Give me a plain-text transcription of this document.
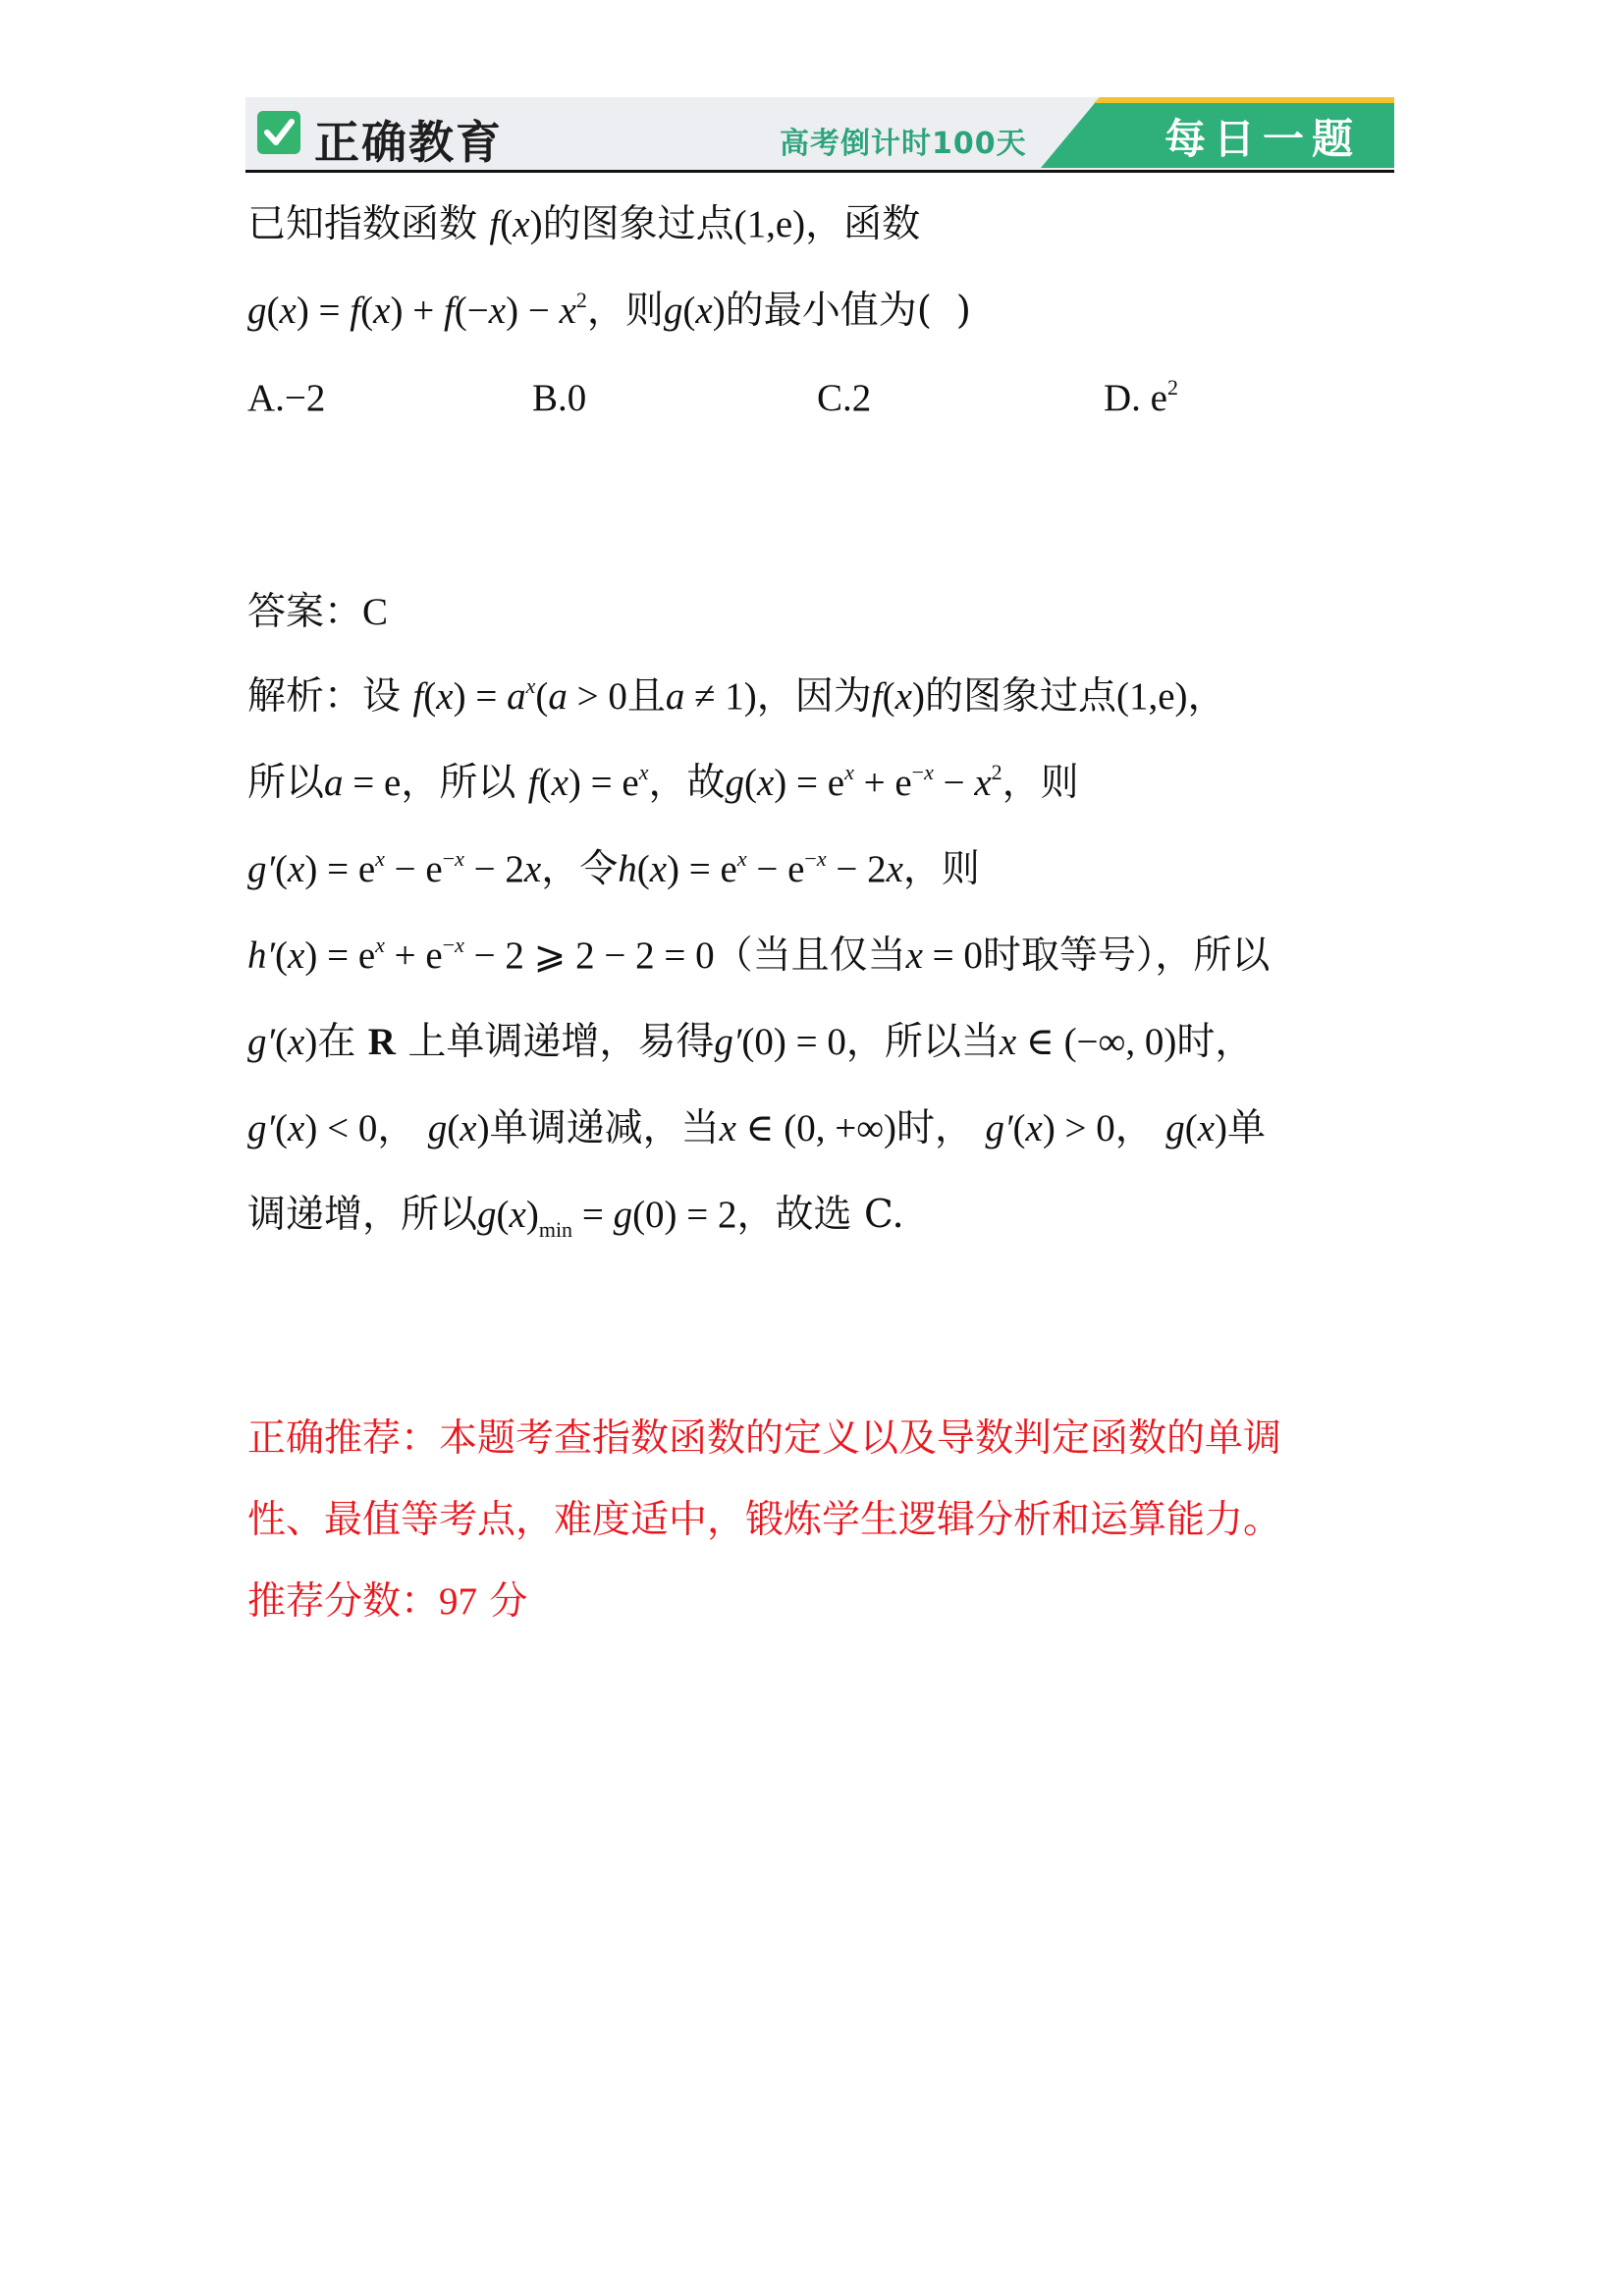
正确教育	高考倒计时100天	每日一题
已知指数函数 f(x)的图象过点(1,e)，函数
$g(x) = f(x) + f(-x) - x^2$，则g(x)的最小值为( )
A.−2	B.0	C.2	D. $e^2$
答案：C
解析：设 $f(x) = a^x(a > 0$且a ≠ 1)，因为f(x)的图象过点(1,e)，
所以a = e，所以 $f(x) = e^x$，故$g(x) = e^x + e^{-x} - x^2$，则
$g'(x) = e^x - e^{-x} - 2x$，令$h(x) = e^x - e^{-x} - 2x$，则
$h'(x) = e^x + e^{-x} - 2$ ⩾ 2 − 2 = 0（当且仅当x = 0时取等号），所以
g′(x)在 R 上单调递增，易得g′(0) = 0，所以当x ∈ (−∞, 0)时，
g′(x) < 0， g(x)单调递减，当x ∈ (0, +∞)时， g′(x) > 0， g(x)单
调递增，所以$g(x)_{min} = g(0) = 2$，故选 C.
正确推荐：本题考查指数函数的定义以及导数判定函数的单调
性、最值等考点，难度适中，锻炼学生逻辑分析和运算能力。
推荐分数：97 分
